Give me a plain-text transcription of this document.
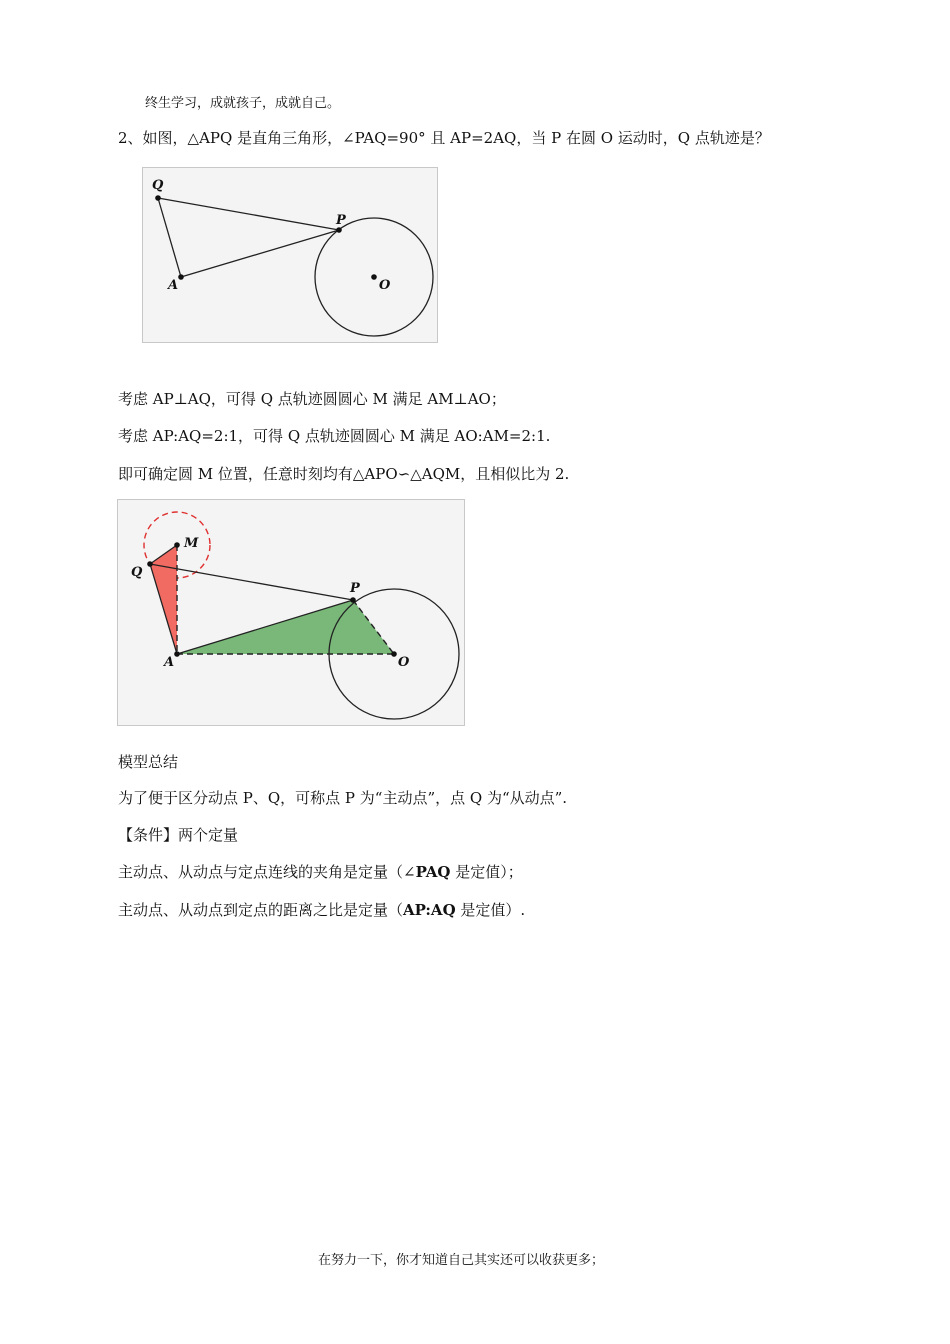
终生学习，成就孩子，成就自己。
2、如图，△APQ 是直角三角形，∠PAQ=90° 且 AP=2AQ，当 P 在圆 O 运动时，Q 点轨迹是？
Q
P
A	O
考虑 AP⊥AQ，可得 Q 点轨迹圆圆心 M 满足 AM⊥AO；
考虑 AP:AQ=2:1，可得 Q 点轨迹圆圆心 M 满足 AO:AM=2:1.
即可确定圆 M 位置，任意时刻均有△APO∽△AQM，且相似比为 2.
M
Q
P
A	O
模型总结
为了便于区分动点 P、Q，可称点 P 为“主动点”，点 Q 为“从动点”.
【条件】两个定量
主动点、从动点与定点连线的夹角是定量（∠PAQ 是定值）；
主动点、从动点到定点的距离之比是定量（AP:AQ 是定值）.
在努力一下，你才知道自己其实还可以收获更多；
